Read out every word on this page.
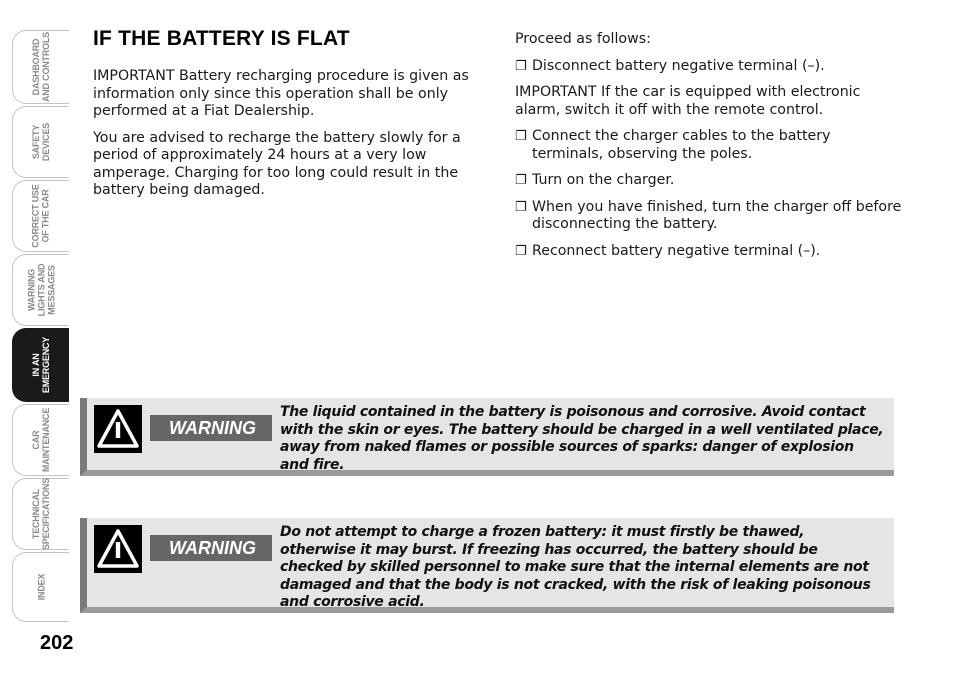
DASHBOARD
AND CONTROLS
SAFETY
DEVICES
CORRECT USE
OF THE CAR
WARNING
LIGHTS AND
MESSAGES
IN AN
EMERGENCY
CAR
MAINTENANCE
TECHNICAL
SPECIFICATIONS
INDEX
202
IF THE BATTERY IS FLAT

IMPORTANT Battery recharging procedure is given as information only since this operation shall be only performed at a Fiat Dealership.

You are advised to recharge the battery slowly for a period of approximately 24 hours at a very low amperage. Charging for too long could result in the battery being damaged.

Proceed as follows:

❐ Disconnect battery negative terminal (–).

IMPORTANT If the car is equipped with electronic alarm, switch it off with the remote control.

❐ Connect the charger cables to the battery terminals, observing the poles.
❐ Turn on the charger.
❐ When you have finished, turn the charger off before disconnecting the battery.
❐ Reconnect battery negative terminal (–).
WARNING
The liquid contained in the battery is poisonous and corrosive. Avoid contact with the skin or eyes. The battery should be charged in a well ventilated place, away from naked flames or possible sources of sparks: danger of explosion and fire.
WARNING
Do not attempt to charge a frozen battery: it must firstly be thawed, otherwise it may burst. If freezing has occurred, the battery should be checked by skilled personnel to make sure that the internal elements are not damaged and that the body is not cracked, with the risk of leaking poisonous and corrosive acid.
